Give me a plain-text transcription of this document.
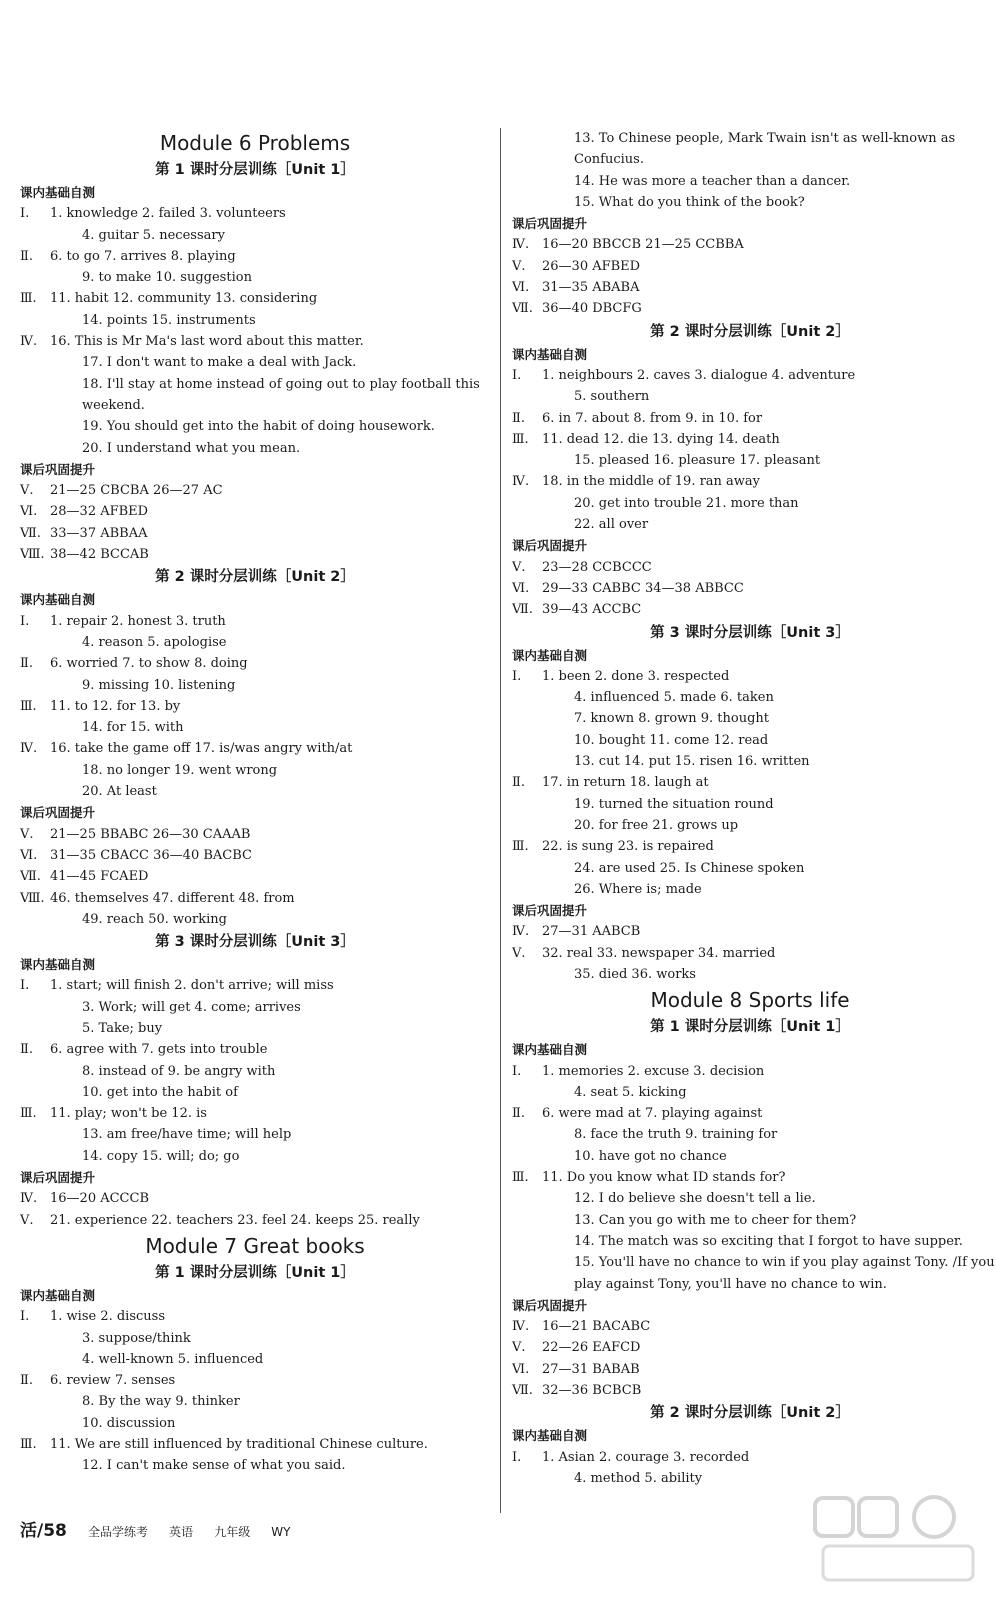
Module 6 Problems
第 1 课时分层训练［Unit 1］
课内基础自测
Ⅰ.	1. knowledge 2. failed 3. volunteers
4. guitar 5. necessary
Ⅱ.	6. to go 7. arrives 8. playing
9. to make 10. suggestion
Ⅲ.	11. habit 12. community 13. considering
14. points 15. instruments
Ⅳ. 16. This is Mr Ma's last word about this matter.
17. I don't want to make a deal with Jack.
18. I'll stay at home instead of going out to play football this
weekend.
19. You should get into the habit of doing housework.
20. I understand what you mean.
课后巩固提升
Ⅴ.	21—25 CBCBA 26—27 AC
Ⅵ. 28—32 AFBED
Ⅶ. 33—37 ABBAA
Ⅷ. 38—42 BCCAB
第 2 课时分层训练［Unit 2］
课内基础自测
Ⅰ.	1. repair 2. honest 3. truth
4. reason 5. apologise
Ⅱ.	6. worried 7. to show 8. doing
9. missing 10. listening
Ⅲ.	11. to 12. for 13. by
14. for 15. with
Ⅳ. 16. take the game off 17. is/was angry with/at
18. no longer 19. went wrong
20. At least
课后巩固提升
Ⅴ.	21—25 BBABC 26—30 CAAAB
Ⅵ. 31—35 CBACC 36—40 BACBC
Ⅶ. 41—45 FCAED
Ⅷ. 46. themselves 47. different 48. from
49. reach 50. working
第 3 课时分层训练［Unit 3］
课内基础自测
Ⅰ.	1. start; will finish 2. don't arrive; will miss
3. Work; will get 4. come; arrives
5. Take; buy
Ⅱ.	6. agree with 7. gets into trouble
8. instead of 9. be angry with
10. get into the habit of
Ⅲ.	11. play; won't be 12. is
13. am free/have time; will help
14. copy 15. will; do; go
课后巩固提升
Ⅳ. 16—20 ACCCB
Ⅴ.	21. experience 22. teachers 23. feel 24. keeps 25. really
Module 7 Great books
第 1 课时分层训练［Unit 1］
课内基础自测
Ⅰ.	1. wise 2. discuss
3. suppose/think
4. well-known 5. influenced
Ⅱ.	6. review 7. senses
8. By the way 9. thinker
10. discussion
Ⅲ.	11. We are still influenced by traditional Chinese culture.
12. I can't make sense of what you said.
13. To Chinese people, Mark Twain isn't as well-known as
Confucius.
14. He was more a teacher than a dancer.
15. What do you think of the book?
课后巩固提升
Ⅳ. 16—20 BBCCB 21—25 CCBBA
Ⅴ.	26—30 AFBED
Ⅵ. 31—35 ABABA
Ⅶ. 36—40 DBCFG
第 2 课时分层训练［Unit 2］
课内基础自测
Ⅰ.	1. neighbours 2. caves 3. dialogue 4. adventure
5. southern
Ⅱ.	6. in 7. about 8. from 9. in 10. for
Ⅲ.	11. dead 12. die 13. dying 14. death
15. pleased 16. pleasure 17. pleasant
Ⅳ. 18. in the middle of 19. ran away
20. get into trouble 21. more than
22. all over
课后巩固提升
Ⅴ.	23—28 CCBCCC
Ⅵ. 29—33 CABBC 34—38 ABBCC
Ⅶ. 39—43 ACCBC
第 3 课时分层训练［Unit 3］
课内基础自测
Ⅰ.	1. been 2. done 3. respected
4. influenced 5. made 6. taken
7. known 8. grown 9. thought
10. bought 11. come 12. read
13. cut 14. put 15. risen 16. written
Ⅱ.	17. in return 18. laugh at
19. turned the situation round
20. for free 21. grows up
Ⅲ.	22. is sung 23. is repaired
24. are used 25. Is Chinese spoken
26. Where is; made
课后巩固提升
Ⅳ. 27—31 AABCB
Ⅴ.	32. real 33. newspaper 34. married
35. died 36. works
Module 8 Sports life
第 1 课时分层训练［Unit 1］
课内基础自测
Ⅰ.	1. memories 2. excuse 3. decision
4. seat 5. kicking
Ⅱ.	6. were mad at 7. playing against
8. face the truth 9. training for
10. have got no chance
Ⅲ.	11. Do you know what ID stands for?
12. I do believe she doesn't tell a lie.
13. Can you go with me to cheer for them?
14. The match was so exciting that I forgot to have supper.
15. You'll have no chance to win if you play against Tony. /If you
play against Tony, you'll have no chance to win.
课后巩固提升
Ⅳ. 16—21 BACABC
Ⅴ.	22—26 EAFCD
Ⅵ. 27—31 BABAB
Ⅶ. 32—36 BCBCB
第 2 课时分层训练［Unit 2］
课内基础自测
Ⅰ.	1. Asian 2. courage 3. recorded
4. method 5. ability
活/58 全品学练考 英语 九年级 WY
